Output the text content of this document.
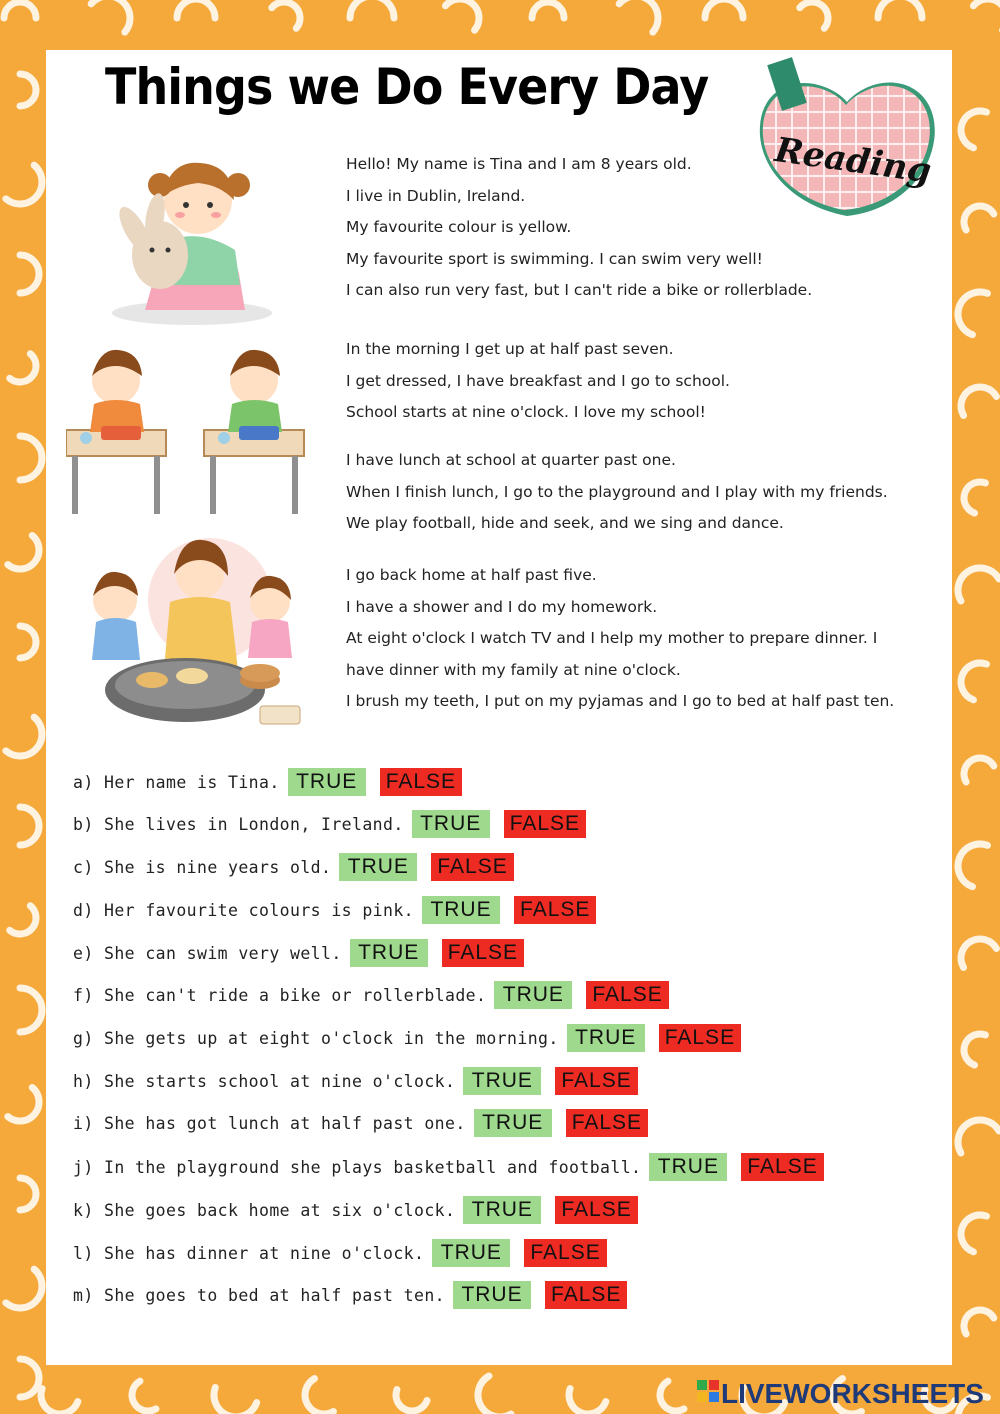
Things we Do Every Day
Reading
Hello! My name is Tina and I am 8 years old.
I live in Dublin, Ireland.
My favourite colour is yellow.
My favourite sport is swimming. I can swim very well!
I can also run very fast, but I can't ride a bike or rollerblade.
In the morning I get up at half past seven.
I get dressed, I have breakfast and I go to school.
School starts at nine o'clock. I love my school!
I have lunch at school at quarter past one.
When I finish lunch, I go to the playground and I play with my friends.
We play football, hide and seek, and we sing and dance.
I go back home at half past five.
I have a shower and I do my homework.
At eight o'clock I watch TV and I help my mother to prepare dinner. I
have dinner with my family at nine o'clock.
I brush my teeth, I put on my pyjamas and I go to bed at half past ten.
a) Her name is Tina. TRUE	FALSE
b) She lives in London, Ireland. TRUE	FALSE
c) She is nine years old. TRUE	FALSE
d) Her favourite colours is pink. TRUE	FALSE
e) She can swim very well. TRUE	FALSE
f) She can't ride a bike or rollerblade. TRUE	FALSE
g) She gets up at eight o'clock in the morning. TRUE	FALSE
h) She starts school at nine o'clock. TRUE	FALSE
i) She has got lunch at half past one. TRUE	FALSE
j) In the playground she plays basketball and football. TRUE	FALSE
k) She goes back home at six o'clock. TRUE	FALSE
l) She has dinner at nine o'clock. TRUE	FALSE
m) She goes to bed at half past ten. TRUE	FALSE
LIVEWORKSHEETS
